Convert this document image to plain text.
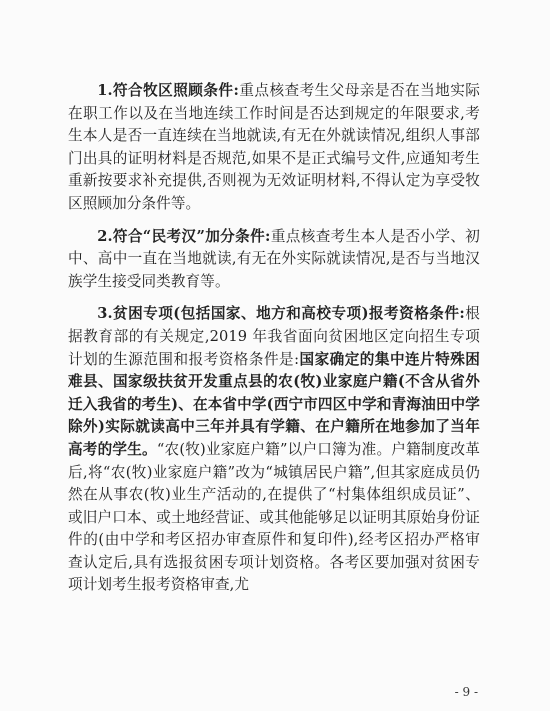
1.符合牧区照顾条件:重点核查考生父母亲是否在当地实际在职工作以及在当地连续工作时间是否达到规定的年限要求,考生本人是否一直连续在当地就读,有无在外就读情况,组织人事部门出具的证明材料是否规范,如果不是正式编号文件,应通知考生重新按要求补充提供,否则视为无效证明材料,不得认定为享受牧区照顾加分条件等。

2.符合“民考汉”加分条件:重点核查考生本人是否小学、初中、高中一直在当地就读,有无在外实际就读情况,是否与当地汉族学生接受同类教育等。

3.贫困专项(包括国家、地方和高校专项)报考资格条件:根据教育部的有关规定,2019 年我省面向贫困地区定向招生专项计划的生源范围和报考资格条件是:国家确定的集中连片特殊困难县、国家级扶贫开发重点县的农(牧)业家庭户籍(不含从省外迁入我省的考生)、在本省中学(西宁市四区中学和青海油田中学除外)实际就读高中三年并具有学籍、在户籍所在地参加了当年高考的学生。“农(牧)业家庭户籍”以户口簿为准。户籍制度改革后,将“农(牧)业家庭户籍”改为“城镇居民户籍”,但其家庭成员仍然在从事农(牧)业生产活动的,在提供了“村集体组织成员证”、或旧户口本、或土地经营证、或其他能够足以证明其原始身份证件的(由中学和考区招办审查原件和复印件),经考区招办严格审查认定后,具有选报贫困专项计划资格。各考区要加强对贫困专项计划考生报考资格审查,尤

- 9 -
